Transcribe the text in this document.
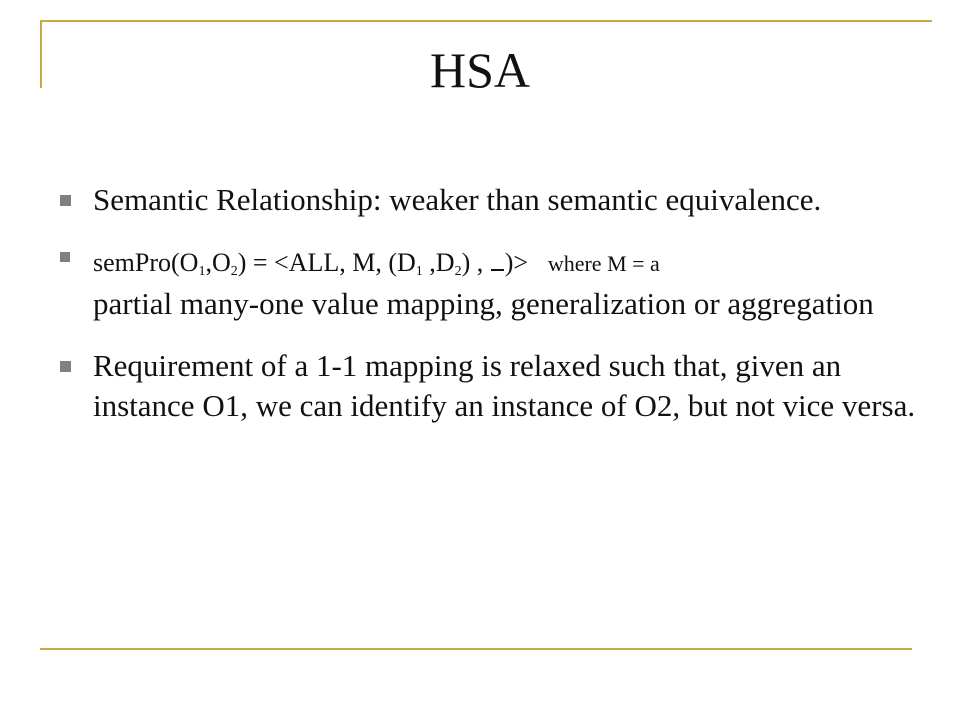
HSA
Semantic Relationship: weaker than semantic equivalence.
$semPro(O_1,O_2) = <ALL$, M, ($D_1$ $,D_2$) , )> where M = a
partial many-one value mapping, generalization or aggregation
Requirement of a 1-1 mapping is relaxed such that, given an instance O1, we can identify an instance of O2, but not vice versa.
